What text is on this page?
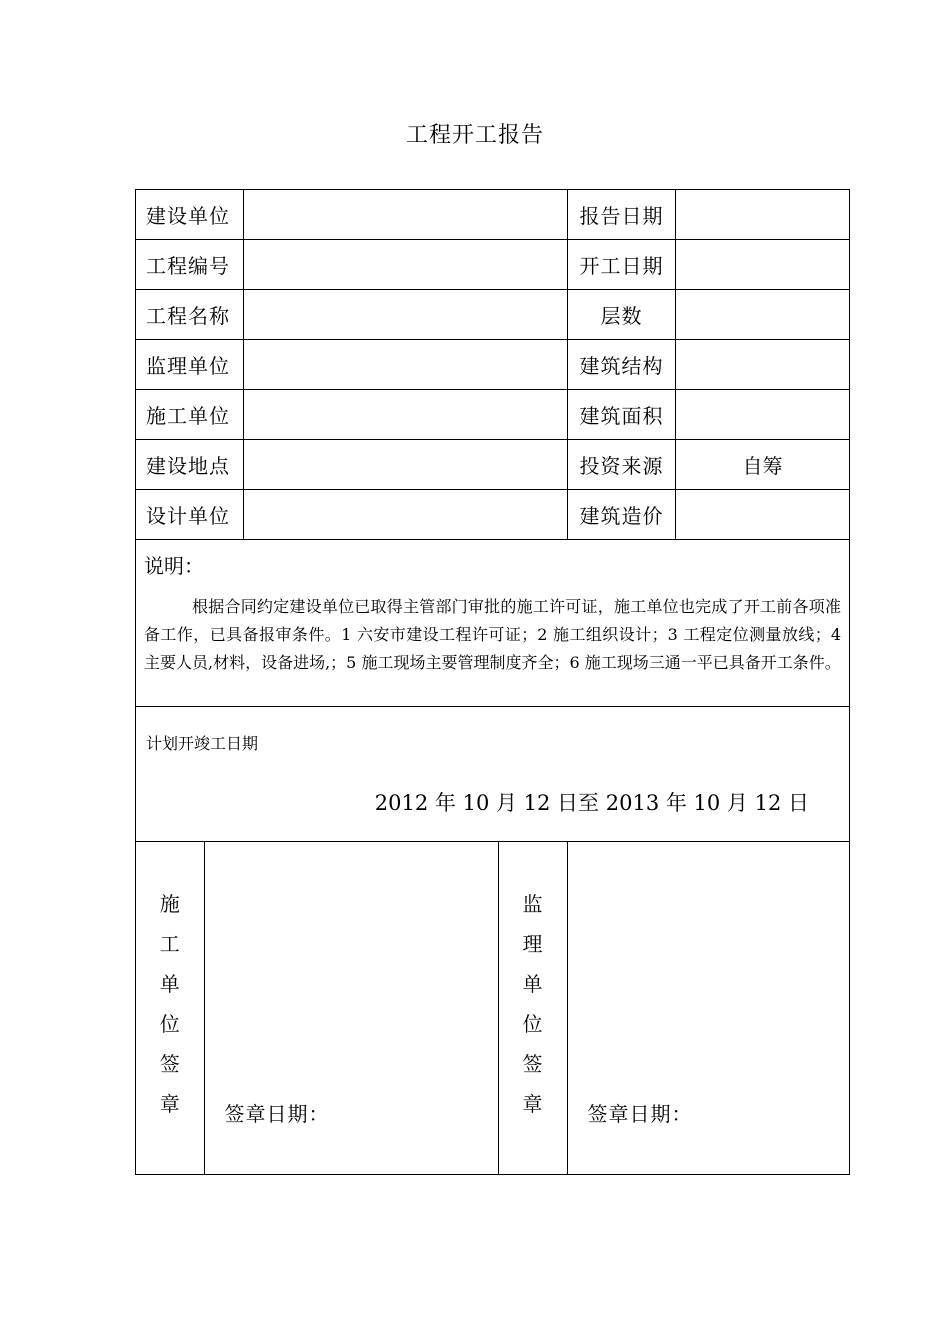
工程开工报告
建设单位		报告日期	
工程编号		开工日期	
工程名称		层数	
监理单位		建筑结构	
施工单位		建筑面积	
建设地点		投资来源	自筹
设计单位		建筑造价	

说明：
根据合同约定建设单位已取得主管部门审批的施工许可证，施工单位也完成了开工前各项准备工作，已具备报审条件。1 六安市建设工程许可证；2 施工组织设计；3 工程定位测量放线；4 主要人员,材料，设备进场,；5 施工现场主要管理制度齐全；6 施工现场三通一平已具备开工条件。

计划开竣工日期
2012 年 10 月 12 日至 2013 年 10 月 12 日

施
工
单
位
签
章	签章日期：

监
理
单
位
签
章	签章日期：
